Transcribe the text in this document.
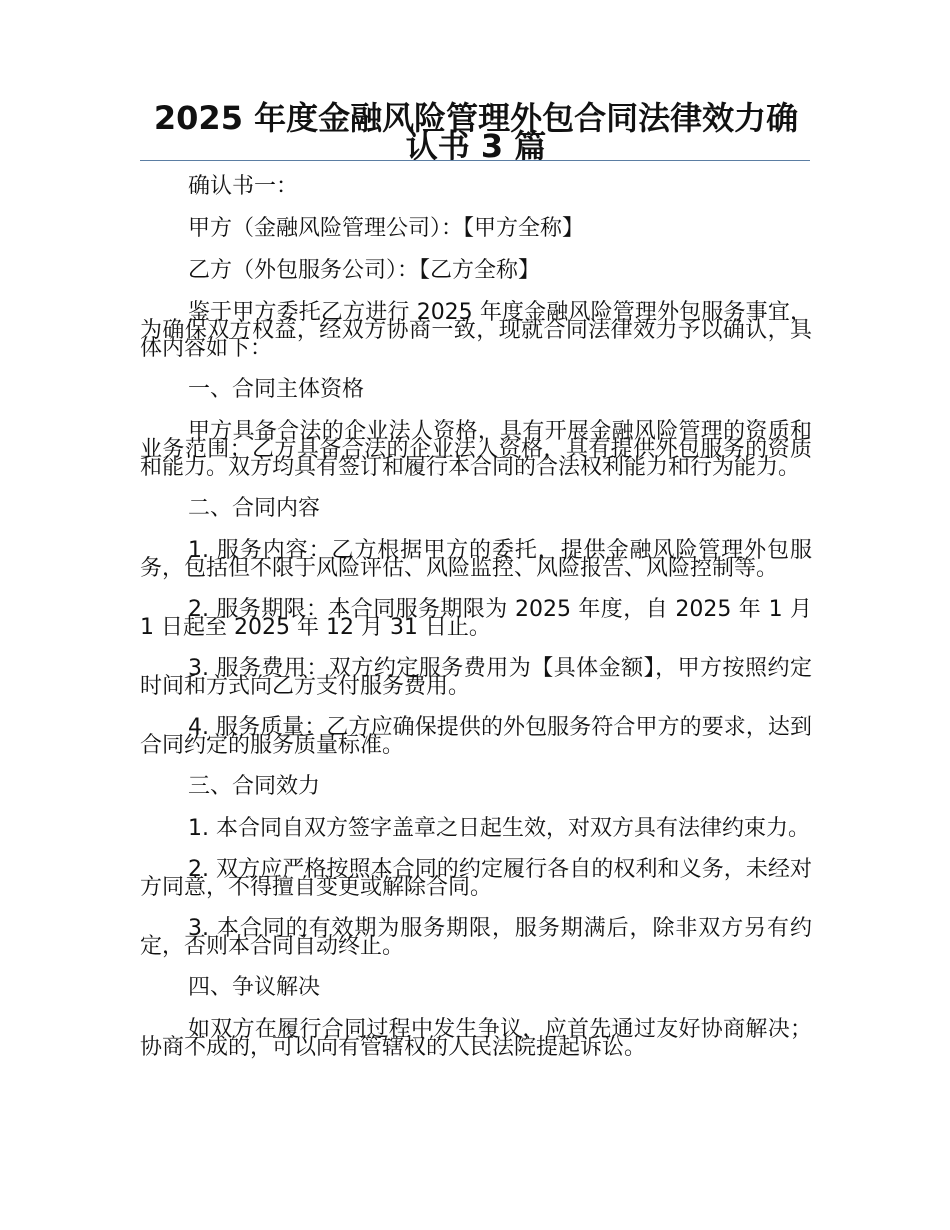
2025 年度金融风险管理外包合同法律效力确认书 3 篇

确认书一：

甲方（金融风险管理公司）：【甲方全称】

乙方（外包服务公司）：【乙方全称】

鉴于甲方委托乙方进行 2025 年度金融风险管理外包服务事宜，为确保双方权益，经双方协商一致，现就合同法律效力予以确认，具体内容如下：

一、合同主体资格

甲方具备合法的企业法人资格，具有开展金融风险管理的资质和业务范围；乙方具备合法的企业法人资格，具有提供外包服务的资质和能力。双方均具有签订和履行本合同的合法权利能力和行为能力。

二、合同内容

1. 服务内容：乙方根据甲方的委托，提供金融风险管理外包服务，包括但不限于风险评估、风险监控、风险报告、风险控制等。

2. 服务期限：本合同服务期限为 2025 年度，自 2025 年 1 月 1 日起至 2025 年 12 月 31 日止。

3. 服务费用：双方约定服务费用为【具体金额】，甲方按照约定时间和方式向乙方支付服务费用。

4. 服务质量：乙方应确保提供的外包服务符合甲方的要求，达到合同约定的服务质量标准。

三、合同效力

1. 本合同自双方签字盖章之日起生效，对双方具有法律约束力。

2. 双方应严格按照本合同的约定履行各自的权利和义务，未经对方同意，不得擅自变更或解除合同。

3. 本合同的有效期为服务期限，服务期满后，除非双方另有约定，否则本合同自动终止。

四、争议解决

如双方在履行合同过程中发生争议，应首先通过友好协商解决；协商不成的，可以向有管辖权的人民法院提起诉讼。
